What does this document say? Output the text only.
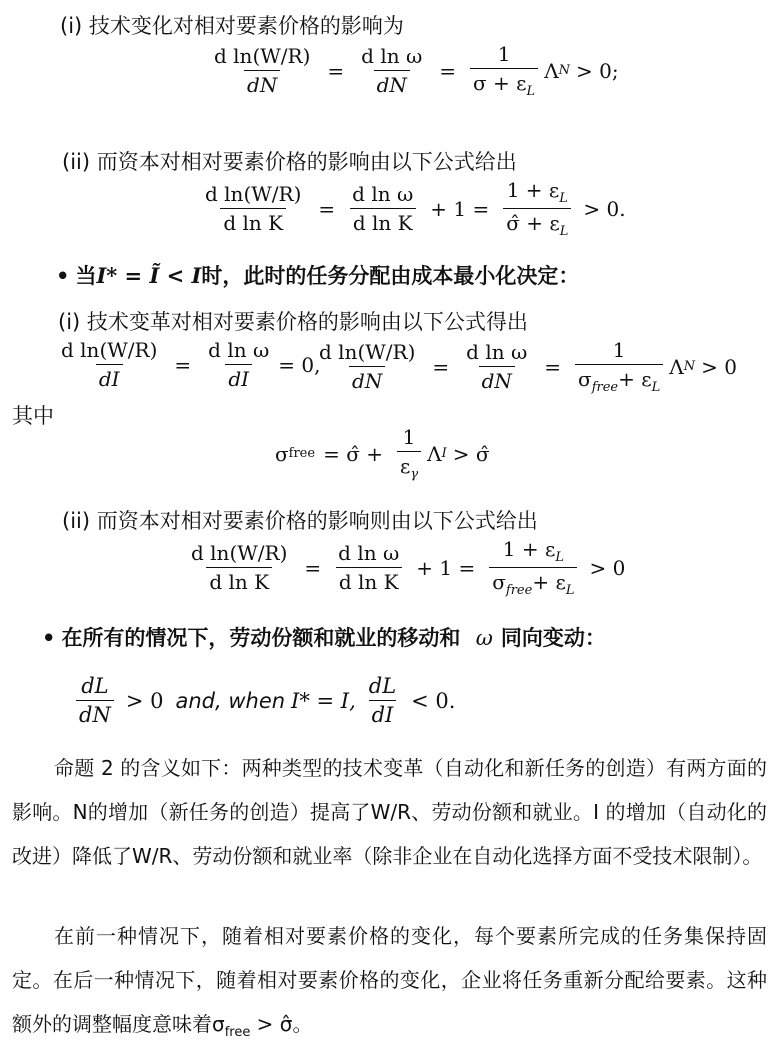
(i) 技术变化对相对要素价格的影响为
$\frac{\text{d ln(W/R)}}{dN} = \frac{\text{d ln ω}}{dN} = \frac{1}{\sigma + \varepsilon_L}$ Λ N > 0;
(ii) 而资本对相对要素价格的影响由以下公式给出
$\frac{\text{d ln(W/R)}}{\text{d ln K}} = \frac{\text{d ln ω}}{\text{d ln K}} + 1 = \frac{1 + \varepsilon_L}{\sigmâ + \varepsilon_L} > 0$.
• 当I* = Ĩ < I时，此时的任务分配由成本最小化决定：
(i) 技术变革对相对要素价格的影响由以下公式得出
$\frac{\text{d ln(W/R)}}{dI} = \frac{\text{d ln ω}}{dI} = 0$,
$\frac{\text{d ln(W/R)}}{dN} = \frac{\text{d ln ω}}{dN} = \frac{1}{\sigma_{free}+ \varepsilon_L}$ Λ N > 0
其中
σ free = σ̂ + $\frac{1}{\varepsilon_\gamma}$ Λ I > σ̂
(ii) 而资本对相对要素价格的影响则由以下公式给出
$\frac{\text{d ln(W/R)}}{\text{d ln K}} = \frac{\text{d ln ω}}{\text{d ln K}} + 1 = \frac{1 + \varepsilon_L}{\sigma_{free}+ \varepsilon_L} > 0$
• 在所有的情况下，劳动份额和就业的移动和 ω 同向变动：
$\frac{dL}{dN} > 0$ and, when I* = I, $\frac{dL}{dI} < 0$.
命题 2 的含义如下：两种类型的技术变革（自动化和新任务的创造）有两方面的影响。N的增加（新任务的创造）提高了W/R、劳动份额和就业。I 的增加（自动化的改进）降低了W/R、劳动份额和就业率（除非企业在自动化选择方面不受技术限制）。
在前一种情况下，随着相对要素价格的变化，每个要素所完成的任务集保持固定。在后一种情况下，随着相对要素价格的变化，企业将任务重新分配给要素。这种额外的调整幅度意味着$\sigma_{free}$ > σ̂。
